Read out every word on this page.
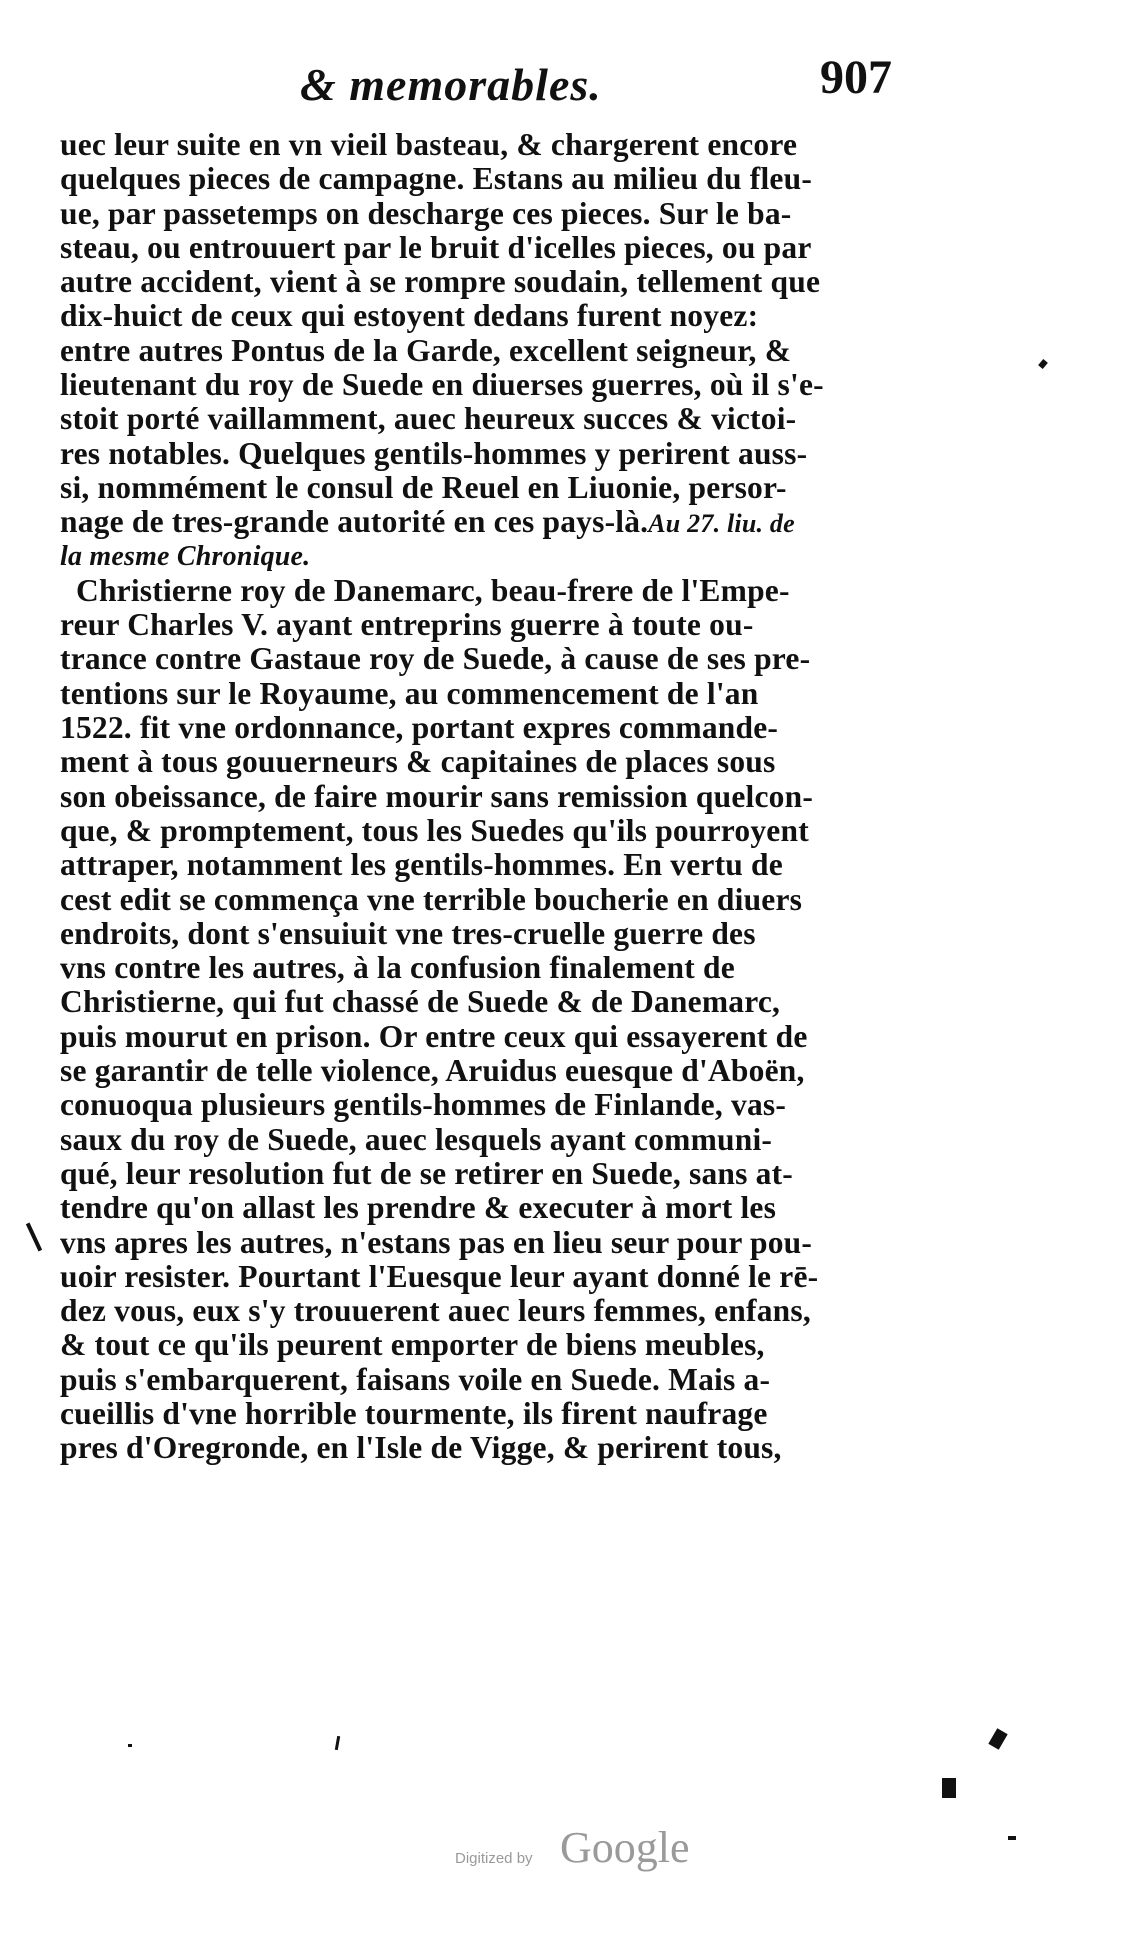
& memorables.	907
uec leur suite en vn vieil basteau, & chargerent encore
quelques pieces de campagne. Estans au milieu du fleu-
ue, par passetemps on descharge ces pieces. Sur le ba-
steau, ou entrouuert par le bruit d'icelles pieces, ou par
autre accident, vient à se rompre soudain, tellement que
dix-huict de ceux qui estoyent dedans furent noyez:
entre autres Pontus de la Garde, excellent seigneur, &
lieutenant du roy de Suede en diuerses guerres, où il s'e-
stoit porté vaillamment, auec heureux succes & victoi-
res notables. Quelques gentils-hommes y perirent auss-
si, nommément le consul de Reuel en Liuonie, persor-
nage de tres-grande autorité en ces pays-là.Au 27. liu. de
la mesme Chronique.
Christierne roy de Danemarc, beau-frere de l'Empe-
reur Charles V. ayant entreprins guerre à toute ou-
trance contre Gastaue roy de Suede, à cause de ses pre-
tentions sur le Royaume, au commencement de l'an
1522. fit vne ordonnance, portant expres commande-
ment à tous gouuerneurs & capitaines de places sous
son obeissance, de faire mourir sans remission quelcon-
que, & promptement, tous les Suedes qu'ils pourroyent
attraper, notamment les gentils-hommes. En vertu de
cest edit se commença vne terrible boucherie en diuers
endroits, dont s'ensuiuit vne tres-cruelle guerre des
vns contre les autres, à la confusion finalement de
Christierne, qui fut chassé de Suede & de Danemarc,
puis mourut en prison. Or entre ceux qui essayerent de
se garantir de telle violence, Aruidus euesque d'Aboën,
conuoqua plusieurs gentils-hommes de Finlande, vas-
saux du roy de Suede, auec lesquels ayant communi-
qué, leur resolution fut de se retirer en Suede, sans at-
tendre qu'on allast les prendre & executer à mort les
vns apres les autres, n'estans pas en lieu seur pour pou-
uoir resister. Pourtant l'Euesque leur ayant donné le rē-
dez vous, eux s'y trouuerent auec leurs femmes, enfans,
& tout ce qu'ils peurent emporter de biens meubles,
puis s'embarquerent, faisans voile en Suede. Mais a-
cueillis d'vne horrible tourmente, ils firent naufrage
pres d'Oregronde, en l'Isle de Vigge, & perirent tous,
Digitized by Google
